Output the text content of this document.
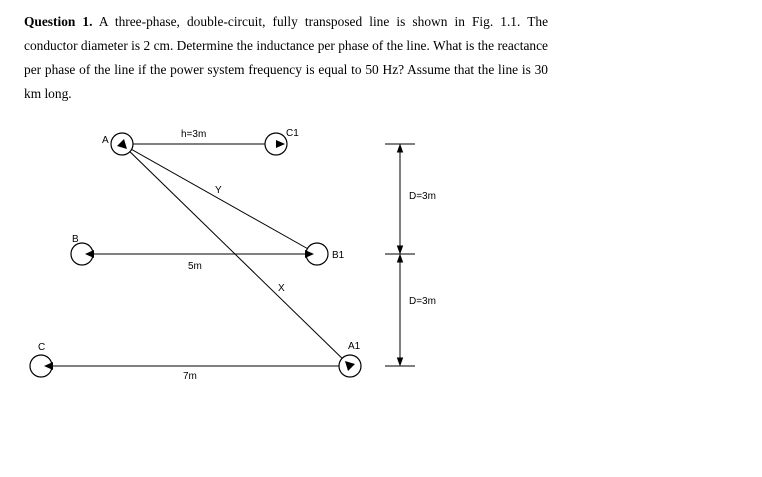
Question 1. A three-phase, double-circuit, fully transposed line is shown in Fig. 1.1. The conductor diameter is 2 cm. Determine the inductance per phase of the line. What is the reactance per phase of the line if the power system frequency is equal to 50 Hz? Assume that the line is 30 km long.

A
C1
B
B1
C	A1
h=3m
Y
X
5m
7m
D=3m
D=3m
